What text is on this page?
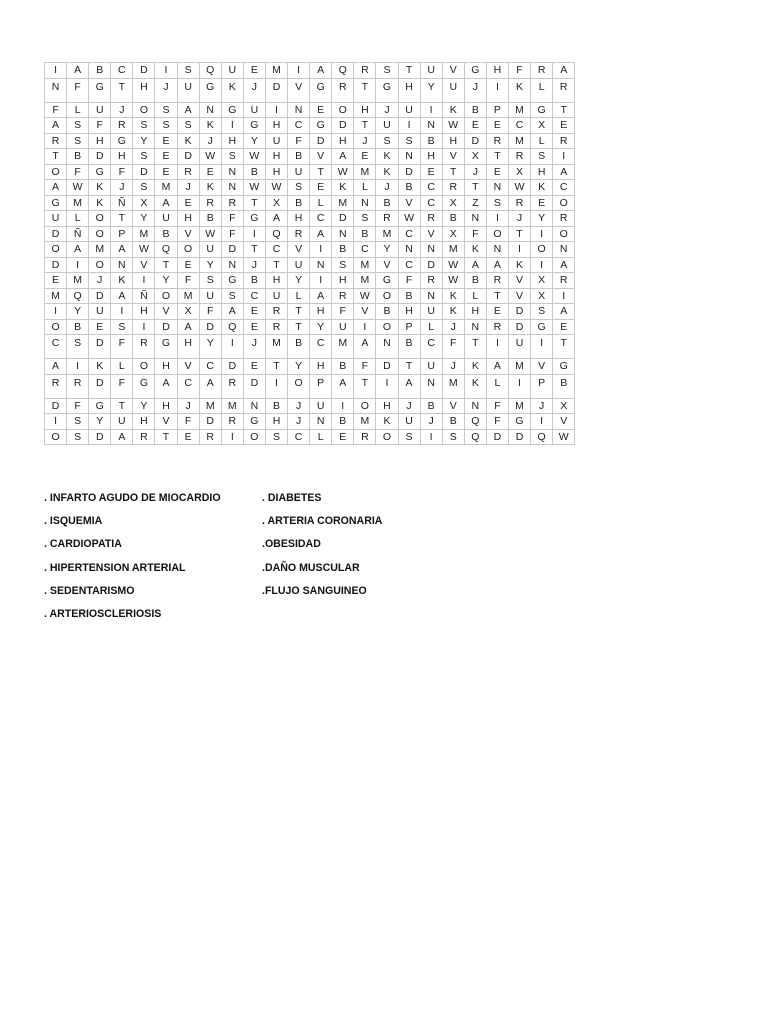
I	A	B	C	D	I	S	Q	U	E	M	I	A	Q	R	S	T	U	V	G	H	F	R	A
N	F	G	T	H	J	U	G	K	J	D	V	G	R	T	G	H	Y	U	J	I	K	L	R
F	L	U	J	O	S	A	N	G	U	I	N	E	O	H	J	U	I	K	B	P	M	G	T
A	S	F	R	S	S	S	K	I	G	H	C	G	D	T	U	I	N	W	E	E	C	X	E
R	S	H	G	Y	E	K	J	H	Y	U	F	D	H	J	S	S	B	H	D	R	M	L	R
T	B	D	H	S	E	D	W	S	W	H	B	V	A	E	K	N	H	V	X	T	R	S	I
O	F	G	F	D	E	R	E	N	B	H	U	T	W	M	K	D	E	T	J	E	X	H	A
A	W	K	J	S	M	J	K	N	W	W	S	E	K	L	J	B	C	R	T	N	W	K	C
G	M	K	Ñ	X	A	E	R	R	T	X	B	L	M	N	B	V	C	X	Z	S	R	E	O
U	L	O	T	Y	U	H	B	F	G	A	H	C	D	S	R	W	R	B	N	I	J	Y	R
D	Ñ	O	P	M	B	V	W	F	I	Q	R	A	N	B	M	C	V	X	F	O	T	I	O
O	A	M	A	W	Q	O	U	D	T	C	V	I	B	C	Y	N	N	M	K	N	I	O	N
D	I	O	N	V	T	E	Y	N	J	T	U	N	S	M	V	C	D	W	A	A	K	I	A
E	M	J	K	I	Y	F	S	G	B	H	Y	I	H	M	G	F	R	W	B	R	V	X	R
M	Q	D	A	Ñ	O	M	U	S	C	U	L	A	R	W	O	B	N	K	L	T	V	X	I
I	Y	U	I	H	V	X	F	A	E	R	T	H	F	V	B	H	U	K	H	E	D	S	A
O	B	E	S	I	D	A	D	Q	E	R	T	Y	U	I	O	P	L	J	N	R	D	G	E
C	S	D	F	R	G	H	Y	I	J	M	B	C	M	A	N	B	C	F	T	I	U	I	T
A	I	K	L	O	H	V	C	D	E	T	Y	H	B	F	D	T	U	J	K	A	M	V	G
R	R	D	F	G	A	C	A	R	D	I	O	P	A	T	I	A	N	M	K	L	I	P	B
D	F	G	T	Y	H	J	M	M	N	B	J	U	I	O	H	J	B	V	N	F	M	J	X
I	S	Y	U	H	V	F	D	R	G	H	J	N	B	M	K	U	J	B	Q	F	G	I	V
O	S	D	A	R	T	E	R	I	O	S	C	L	E	R	O	S	I	S	Q	D	D	Q	W
. INFARTO AGUDO DE MIOCARDIO	. DIABETES
. ISQUEMIA	. ARTERIA CORONARIA
. CARDIOPATIA	.OBESIDAD
. HIPERTENSION ARTERIAL	.DAÑO MUSCULAR
. SEDENTARISMO	.FLUJO SANGUINEO
. ARTERIOSCLERIOSIS
